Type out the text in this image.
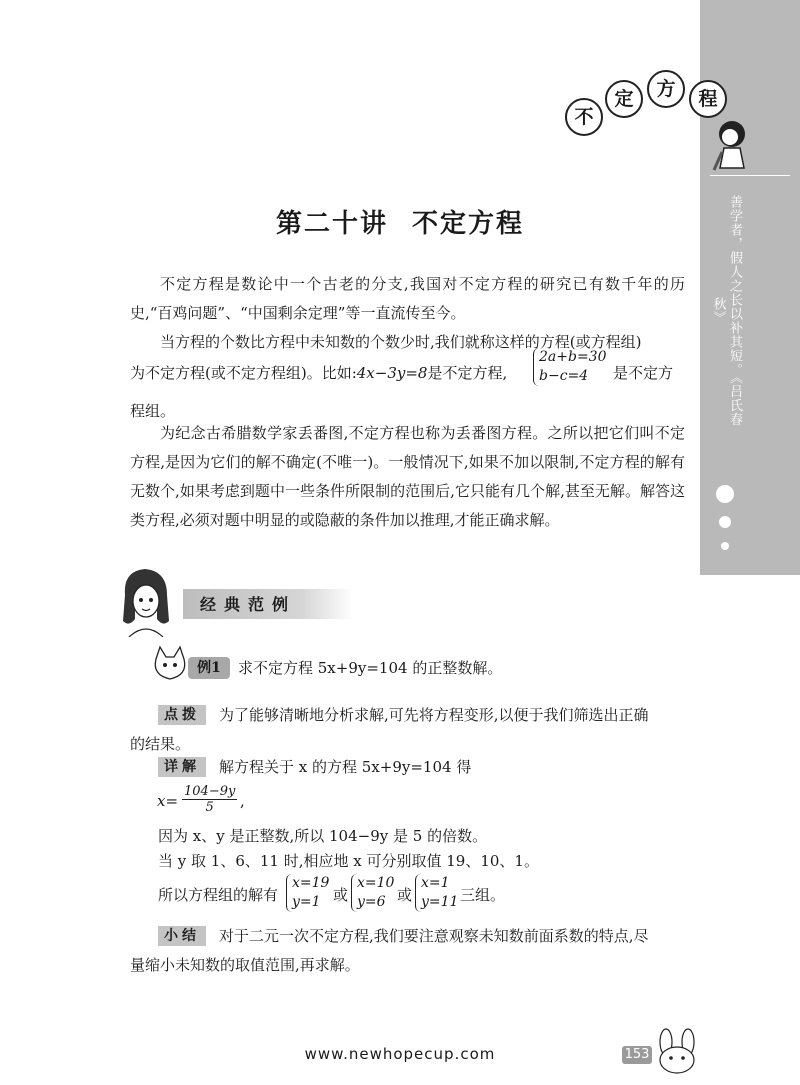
善学者，假人之长以补其短。《吕氏春秋》
不
定	方	程
第二十讲 不定方程
不定方程是数论中一个古老的分支,我国对不定方程的研究已有数千年的历史,“百鸡问题”、“中国剩余定理”等一直流传至今。
当方程的个数比方程中未知数的个数少时,我们就称这样的方程(或方程组)
为不定方程(或不定方程组)。比如:4x−3y=8是不定方程,
2a+b=30
b−c=4	是不定方
程组。
为纪念古希腊数学家丢番图,不定方程也称为丢番图方程。之所以把它们叫不定方程,是因为它们的解不确定(不唯一)。一般情况下,如果不加以限制,不定方程的解有无数个,如果考虑到题中一些条件所限制的范围后,它只能有几个解,甚至无解。解答这类方程,必须对题中明显的或隐蔽的条件加以推理,才能正确求解。
经典范例
例1	求不定方程 5x+9y=104 的正整数解。
点拨	为了能够清晰地分析求解,可先将方程变形,以便于我们筛选出正确
的结果。
详解	解方程关于 x 的方程 5x+9y=104 得
$x= \frac{104-9y}{5}$ ,
因为 x、y 是正整数,所以 104−9y 是 5 的倍数。
当 y 取 1、6、11 时,相应地 x 可分别取值 19、10、1。
所以方程组的解有
x=19
y=1 或
x=10
y=6 或
x=1
y=11 三组。
小结	对于二元一次不定方程,我们要注意观察未知数前面系数的特点,尽
量缩小未知数的取值范围,再求解。
www.newhopecup.com	153
